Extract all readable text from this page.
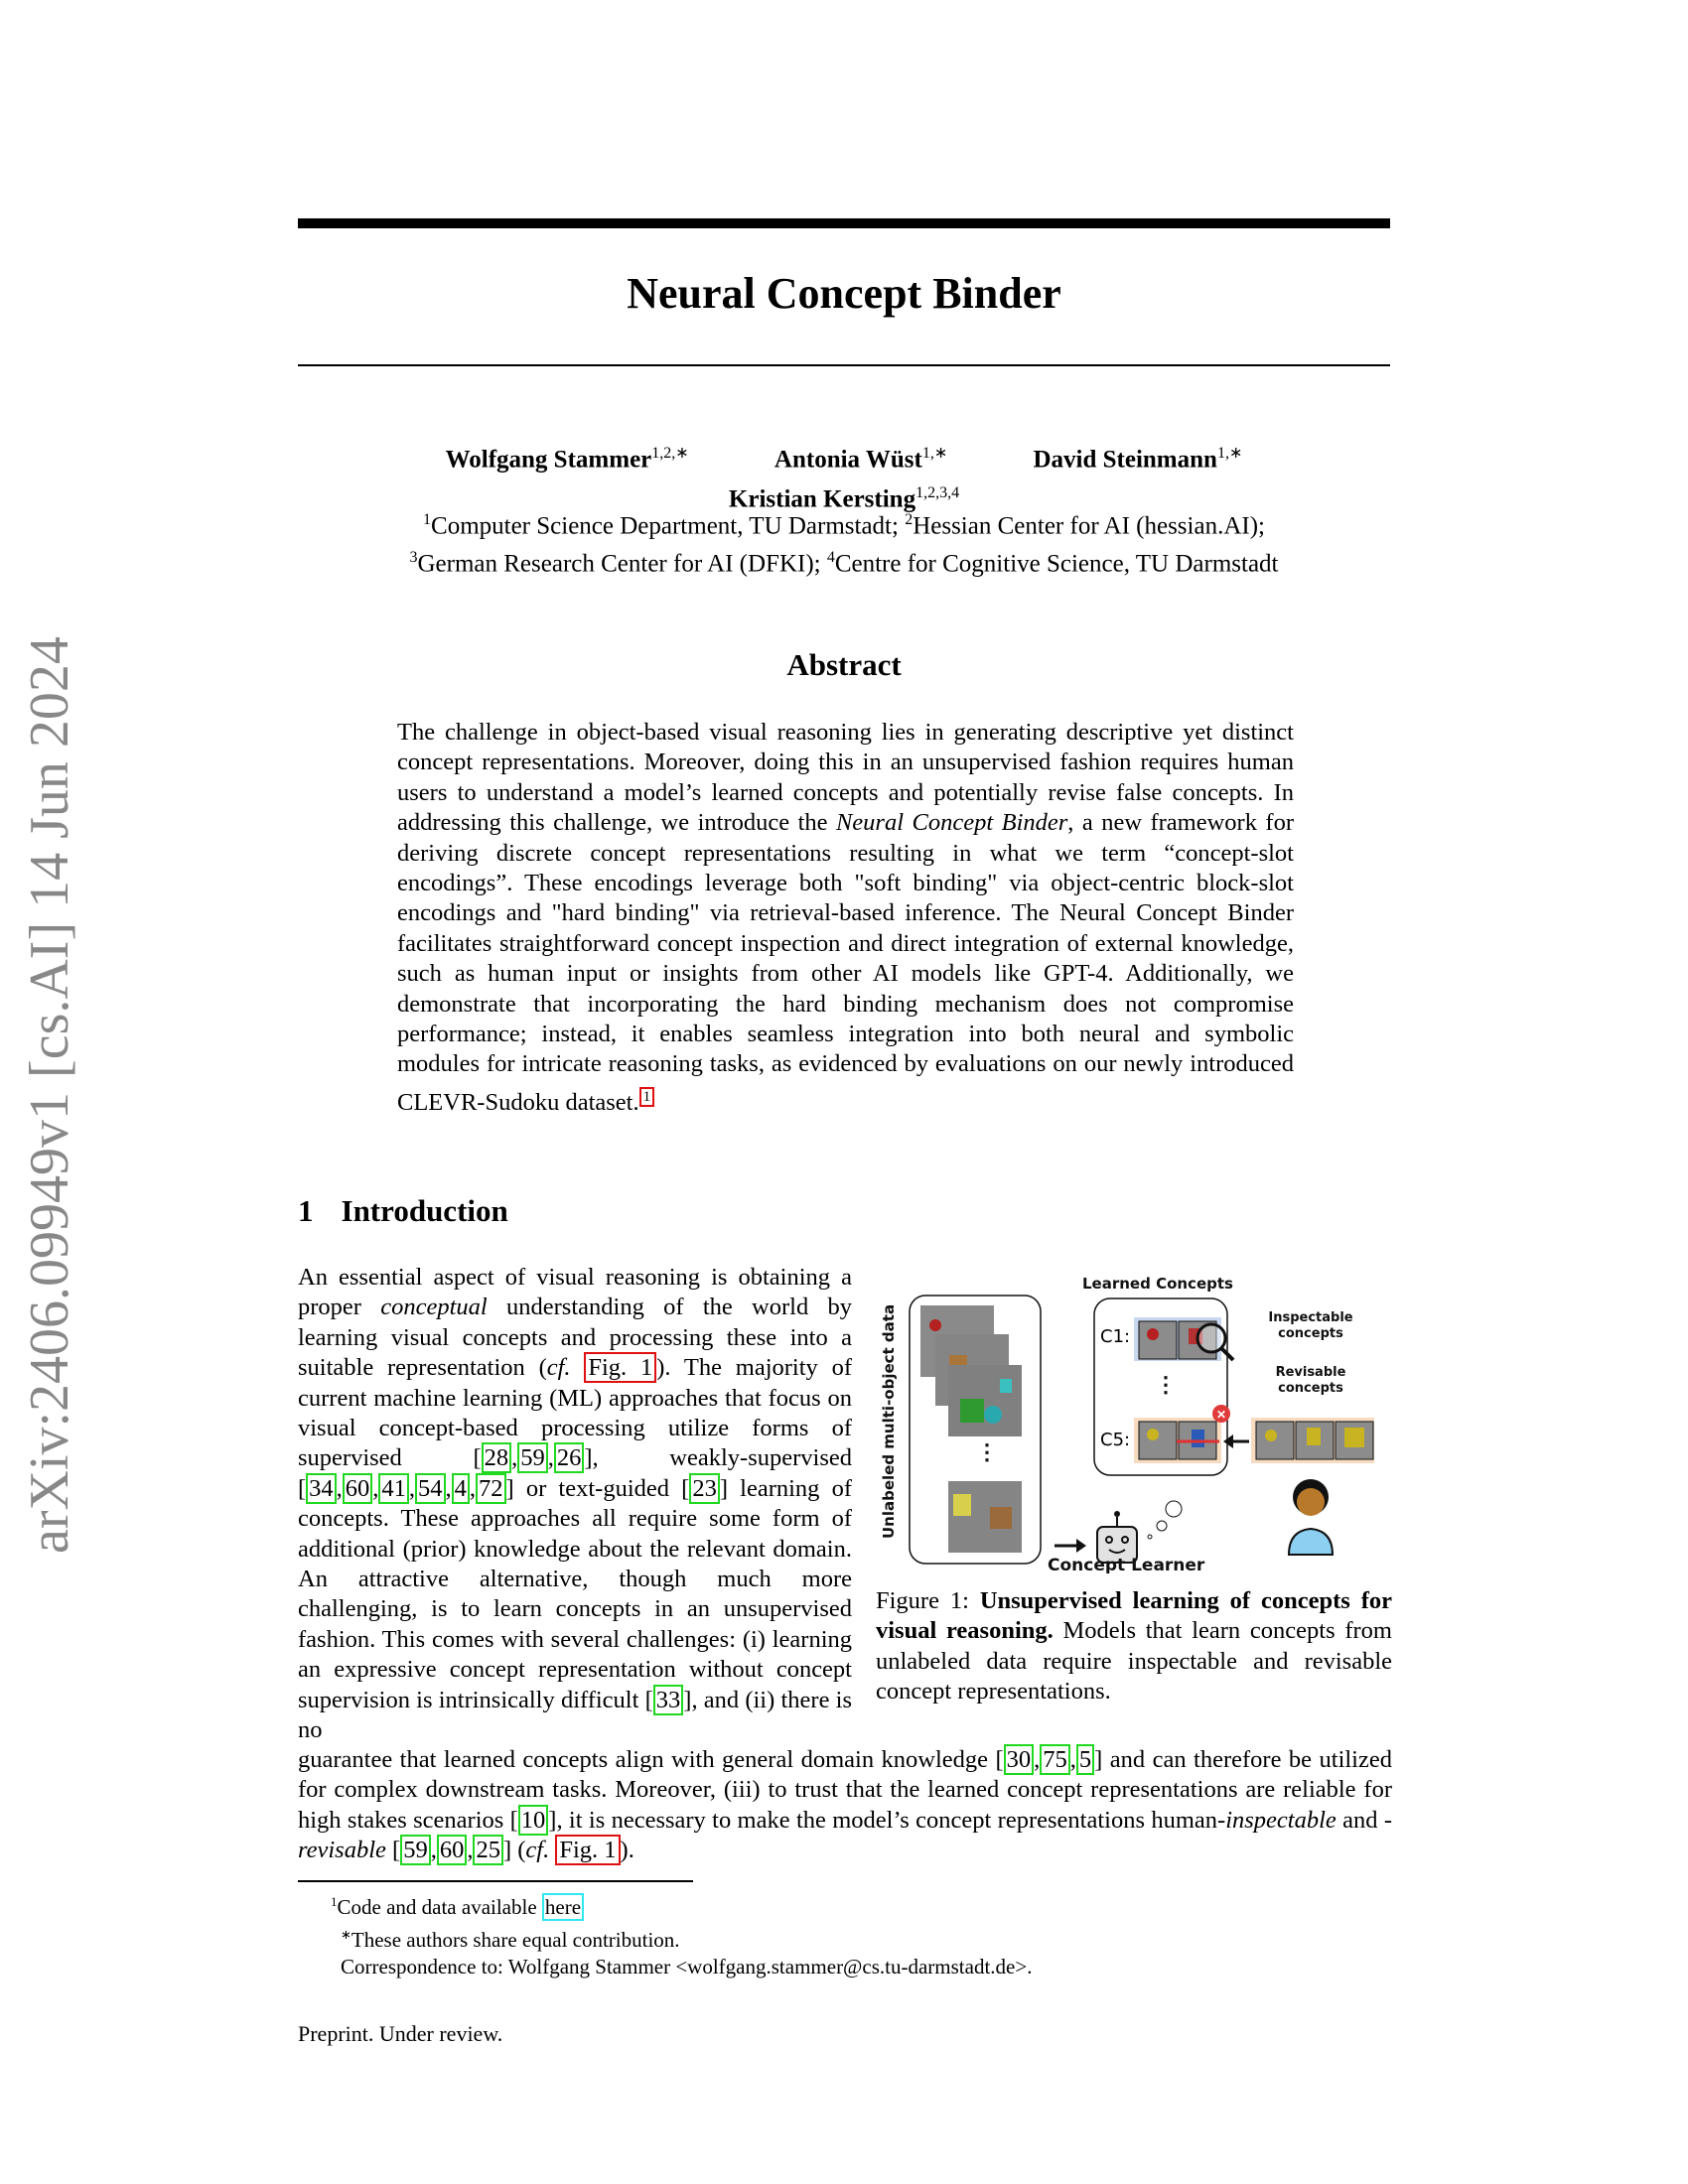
arXiv:2406.09949v1 [cs.AI] 14 Jun 2024
Neural Concept Binder
Wolfgang Stammer$^{1,2,∗}$	Antonia Wüst$^{1,∗}$	David Steinmann$^{1,∗}$
Kristian Kersting$^{1,2,3,4}$
$^1$Computer Science Department, TU Darmstadt; $^2$Hessian Center for AI (hessian.AI);
$^3$German Research Center for AI (DFKI); $^4$Centre for Cognitive Science, TU Darmstadt
Abstract
The challenge in object-based visual reasoning lies in generating descriptive yet distinct concept representations. Moreover, doing this in an unsupervised fashion requires human users to understand a model’s learned concepts and potentially revise false concepts. In addressing this challenge, we introduce the Neural Concept Binder, a new framework for deriving discrete concept representations resulting in what we term “concept-slot encodings”. These encodings leverage both "soft binding" via object-centric block-slot encodings and "hard binding" via retrieval-based inference. The Neural Concept Binder facilitates straightforward concept inspection and direct integration of external knowledge, such as human input or insights from other AI models like GPT-4. Additionally, we demonstrate that incorporating the hard binding mechanism does not compromise performance; instead, it enables seamless integration into both neural and symbolic modules for intricate reasoning tasks, as evidenced by evaluations on our newly introduced CLEVR-Sudoku dataset. $^1$
1 Introduction
An essential aspect of visual reasoning is obtaining a proper conceptual understanding of the world by learning visual concepts and processing these into a suitable representation (cf. Fig. 1 ). The majority of current machine learning (ML) approaches that focus on visual concept-based processing utilize forms of supervised [ 28 , 59 , 26 ], weakly-supervised [ 34 , 60 , 41 , 54 , 4 , 72 ] or text-guided [ 23 ] learning of concepts. These approaches all require some form of additional (prior) knowledge about the relevant domain. An attractive alternative, though much more challenging, is to learn concepts in an unsupervised fashion. This comes with several challenges: (i) learning an expressive concept representation without concept supervision is intrinsically difficult [ 33 ], and (ii) there is no
guarantee that learned concepts align with general domain knowledge [ 30 , 75 , 5 ] and can therefore be utilized for complex downstream tasks. Moreover, (iii) to trust that the learned concept representations are reliable for high stakes scenarios [ 10 ], it is necessary to make the model’s concept representations human-inspectable and -revisable [ 59 , 60 , 25 ] (cf. Fig. 1 ).
Unlabeled multi-object data	⋮
Concept Learner
Learned Concepts
C1:
⋮
C5:
✕
Inspectable
concepts
Revisable
concepts
Figure 1: Unsupervised learning of concepts for visual reasoning. Models that learn concepts from unlabeled data require inspectable and revisable concept representations.
$^1$Code and data available here
∗These authors share equal contribution.
Correspondence to: Wolfgang Stammer <wolfgang.stammer@cs.tu-darmstadt.de>.
Preprint. Under review.
